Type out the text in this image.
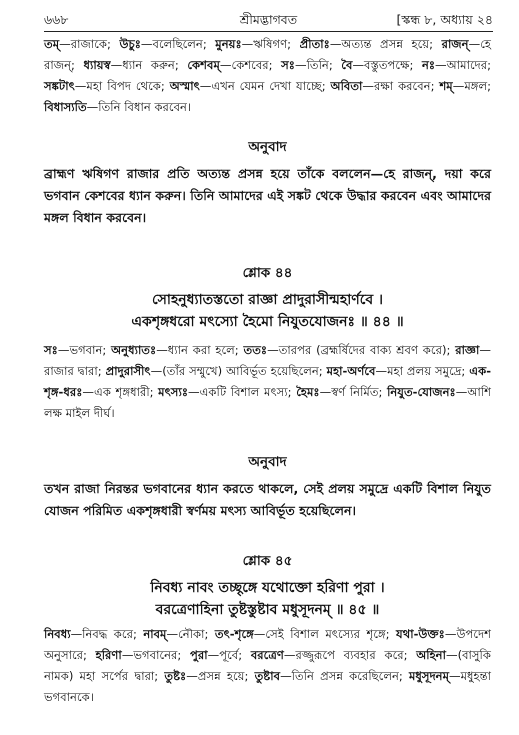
৬৬৮	শ্রীমদ্ভাগবত	[স্কন্ধ ৮, অধ্যায় ২৪

তম্—রাজাকে; উচুঃ—বলেছিলেন; মুনয়ঃ—ঋষিগণ; প্রীতাঃ—অত্যন্ত প্রসন্ন হয়ে; রাজন্—হে রাজন্; ধ্যায়স্ব—ধ্যান করুন; কেশবম্—কেশবের; সঃ—তিনি; বৈ—বস্তুতপক্ষে; নঃ—আমাদের; সঙ্কটাৎ—মহা বিপদ থেকে; অস্মাৎ—এখন যেমন দেখা যাচ্ছে; অবিতা—রক্ষা করবেন; শম্—মঙ্গল; বিধাস্যতি—তিনি বিধান করবেন।

অনুবাদ

ব্রাহ্মণ ঋষিগণ রাজার প্রতি অত্যন্ত প্রসন্ন হয়ে তাঁকে বললেন—হে রাজন্, দয়া করে ভগবান কেশবের ধ্যান করুন। তিনি আমাদের এই সঙ্কট থেকে উদ্ধার করবেন এবং আমাদের মঙ্গল বিধান করবেন।

শ্লোক ৪৪

সোহনুধ্যাতস্ততো রাজ্ঞা প্রাদুরাসীন্মহার্ণবে ।

একশৃঙ্গধরো মৎস্যো হৈমো নিযুতযোজনঃ ॥ ৪৪ ॥

সঃ—ভগবান; অনুধ্যাতঃ—ধ্যান করা হলে; ততঃ—তারপর (ব্রহ্মর্ষিদের বাক্য শ্রবণ করে); রাজ্ঞা—রাজার দ্বারা; প্রাদুরাসীৎ—(তাঁর সম্মুখে) আবির্ভূত হয়েছিলেন; মহা-অর্ণবে—মহা প্রলয় সমুদ্রে; এক-শৃঙ্গ-ধরঃ—এক শৃঙ্গধারী; মৎস্যঃ—একটি বিশাল মৎস্য; হৈমঃ—স্বর্ণ নির্মিত; নিযুত-যোজনঃ—আশি লক্ষ মাইল দীর্ঘ।

অনুবাদ

তখন রাজা নিরন্তর ভগবানের ধ্যান করতে থাকলে, সেই প্রলয় সমুদ্রে একটি বিশাল নিযুত যোজন পরিমিত একশৃঙ্গধারী স্বর্ণময় মৎস্য আবির্ভূত হয়েছিলেন।

শ্লোক ৪৫

নিবধ্য নাবং তচ্ছৃঙ্গে যথোক্তো হরিণা পুরা ।

বরত্রেণাহিনা তুষ্টস্তুষ্টাব মধুসূদনম্ ॥ ৪৫ ॥

নিবধ্য—নিবদ্ধ করে; নাবম্—নৌকা; তৎ-শৃঙ্গে—সেই বিশাল মৎস্যের শৃঙ্গে; যথা-উক্তঃ—উপদেশ অনুসারে; হরিণা—ভগবানের; পুরা—পূর্বে; বরত্রেণ—রজ্জুরূপে ব্যবহার করে; অহিনা—(বাসুকি নামক) মহা সর্পের দ্বারা; তুষ্টঃ—প্রসন্ন হয়ে; তুষ্টাব—তিনি প্রসন্ন করেছিলেন; মধুসূদনম্—মধুহন্তা ভগবানকে।
